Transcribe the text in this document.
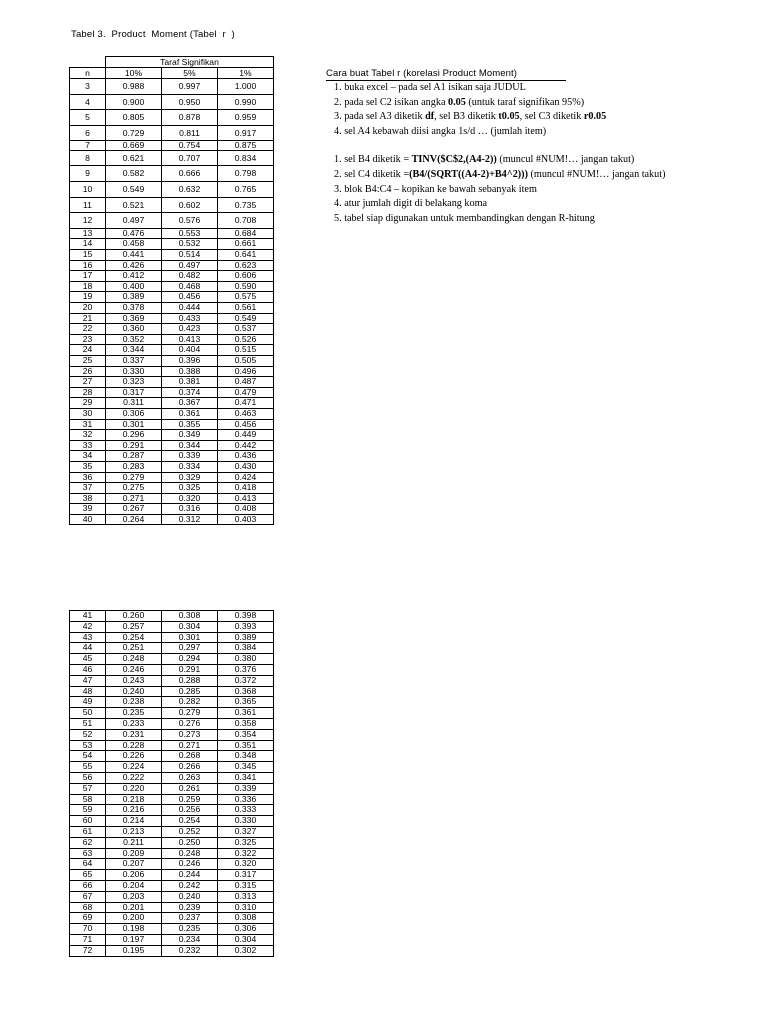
Tabel 3.  Product  Moment (Tabel  r  )
	Taraf Signifikan		
n	10%	5%	1%
3	0.988	0.997	1.000
4	0.900	0.950	0.990
5	0.805	0.878	0.959
6	0.729	0.811	0.917
7	0.669	0.754	0.875
8	0.621	0.707	0.834
9	0.582	0.666	0.798
10	0.549	0.632	0.765
11	0.521	0.602	0.735
12	0.497	0.576	0.708
13	0.476	0.553	0.684
14	0.458	0.532	0.661
15	0.441	0.514	0.641
16	0.426	0.497	0.623
17	0.412	0.482	0.606
18	0.400	0.468	0.590
19	0.389	0.456	0.575
20	0.378	0.444	0.561
21	0.369	0.433	0.549
22	0.360	0.423	0.537
23	0.352	0.413	0.526
24	0.344	0.404	0.515
25	0.337	0.396	0.505
26	0.330	0.388	0.496
27	0.323	0.381	0.487
28	0.317	0.374	0.479
29	0.311	0.367	0.471
30	0.306	0.361	0.463
31	0.301	0.355	0.456
32	0.296	0.349	0.449
33	0.291	0.344	0.442
34	0.287	0.339	0.436
35	0.283	0.334	0.430
36	0.279	0.329	0.424
37	0.275	0.325	0.418
38	0.271	0.320	0.413
39	0.267	0.316	0.408
40	0.264	0.312	0.403
41	0.260	0.308	0.398
42	0.257	0.304	0.393
43	0.254	0.301	0.389
44	0.251	0.297	0.384
45	0.248	0.294	0.380
46	0.246	0.291	0.376
47	0.243	0.288	0.372
48	0.240	0.285	0.368
49	0.238	0.282	0.365
50	0.235	0.279	0.361
51	0.233	0.276	0.358
52	0.231	0.273	0.354
53	0.228	0.271	0.351
54	0.226	0.268	0.348
55	0.224	0.266	0.345
56	0.222	0.263	0.341
57	0.220	0.261	0.339
58	0.218	0.259	0.336
59	0.216	0.256	0.333
60	0.214	0.254	0.330
61	0.213	0.252	0.327
62	0.211	0.250	0.325
63	0.209	0.248	0.322
64	0.207	0.246	0.320
65	0.206	0.244	0.317
66	0.204	0.242	0.315
67	0.203	0.240	0.313
68	0.201	0.239	0.310
69	0.200	0.237	0.308
70	0.198	0.235	0.306
71	0.197	0.234	0.304
72	0.195	0.232	0.302
Cara buat Tabel r (korelasi Product Moment)
1. buka excel – pada sel A1 isikan saja JUDUL
2. pada sel C2 isikan angka 0.05 (untuk taraf signifikan 95%)
3. pada sel A3 diketik df, sel B3 diketik t0.05, sel C3 diketik r0.05
4. sel A4 kebawah diisi angka 1s/d … (jumlah item)
1. sel B4 diketik = TINV($C$2,(A4-2)) (muncul #NUM!… jangan takut)
2. sel C4 diketik =(B4/(SQRT((A4-2)+B4^2))) (muncul #NUM!… jangan takut)
3. blok B4:C4 – kopikan ke bawah sebanyak item
4. atur jumlah digit di belakang koma
5. tabel siap digunakan untuk membandingkan dengan R-hitung
